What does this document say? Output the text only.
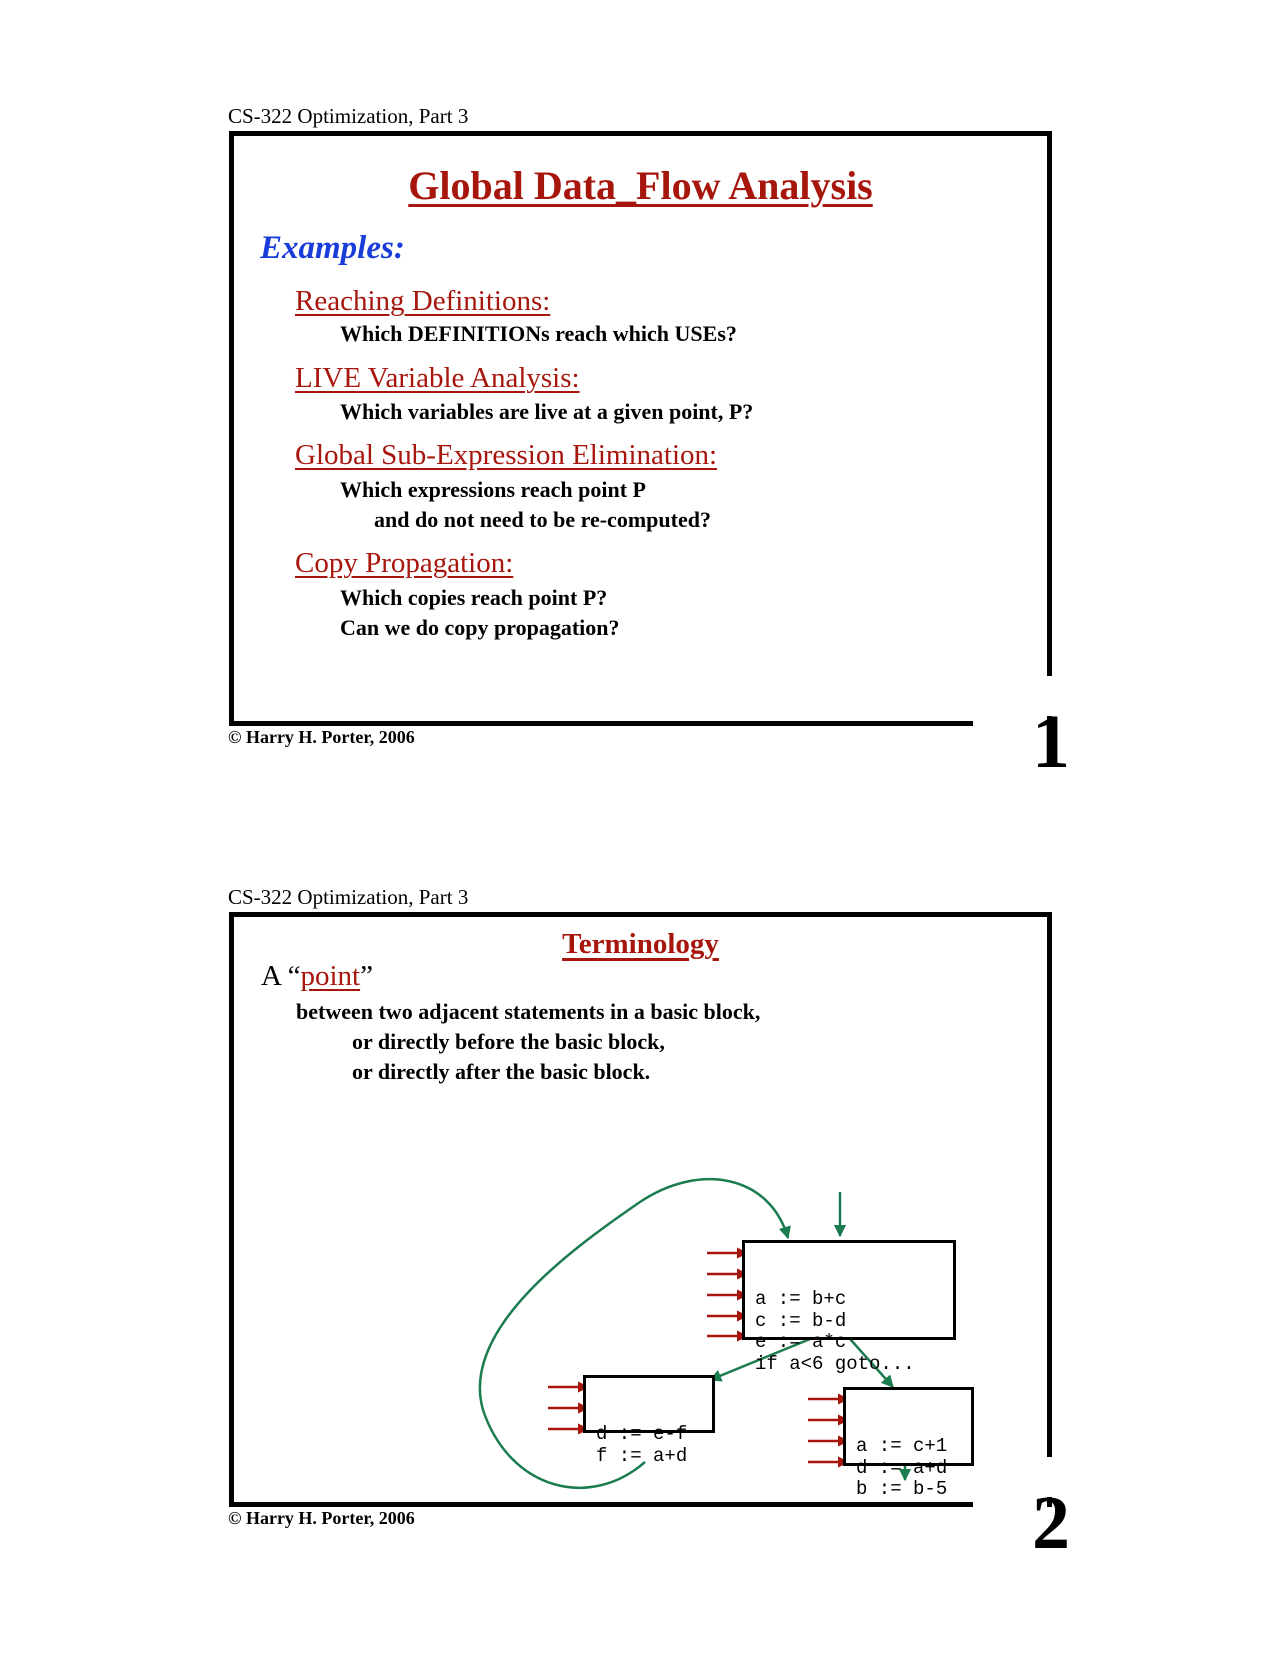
CS-322 Optimization, Part 3
Global Data_Flow Analysis
Examples:
Reaching Definitions:
Which DEFINITIONs reach which USEs?
LIVE Variable Analysis:
Which variables are live at a given point, P?
Global Sub-Expression Elimination:
Which expressions reach point P
and do not need to be re-computed?
Copy Propagation:
Which copies reach point P?
Can we do copy propagation?
© Harry H. Porter, 2006	1
CS-322 Optimization, Part 3
Terminology
A “point”
between two adjacent statements in a basic block,
or directly before the basic block,
or directly after the basic block.

a := b+c
c := b-d
e := a*c
if a<6 goto...

d := e-f
f := a+d

	a := c+1
d := a+d
b := b-5

© Harry H. Porter, 2006	2
